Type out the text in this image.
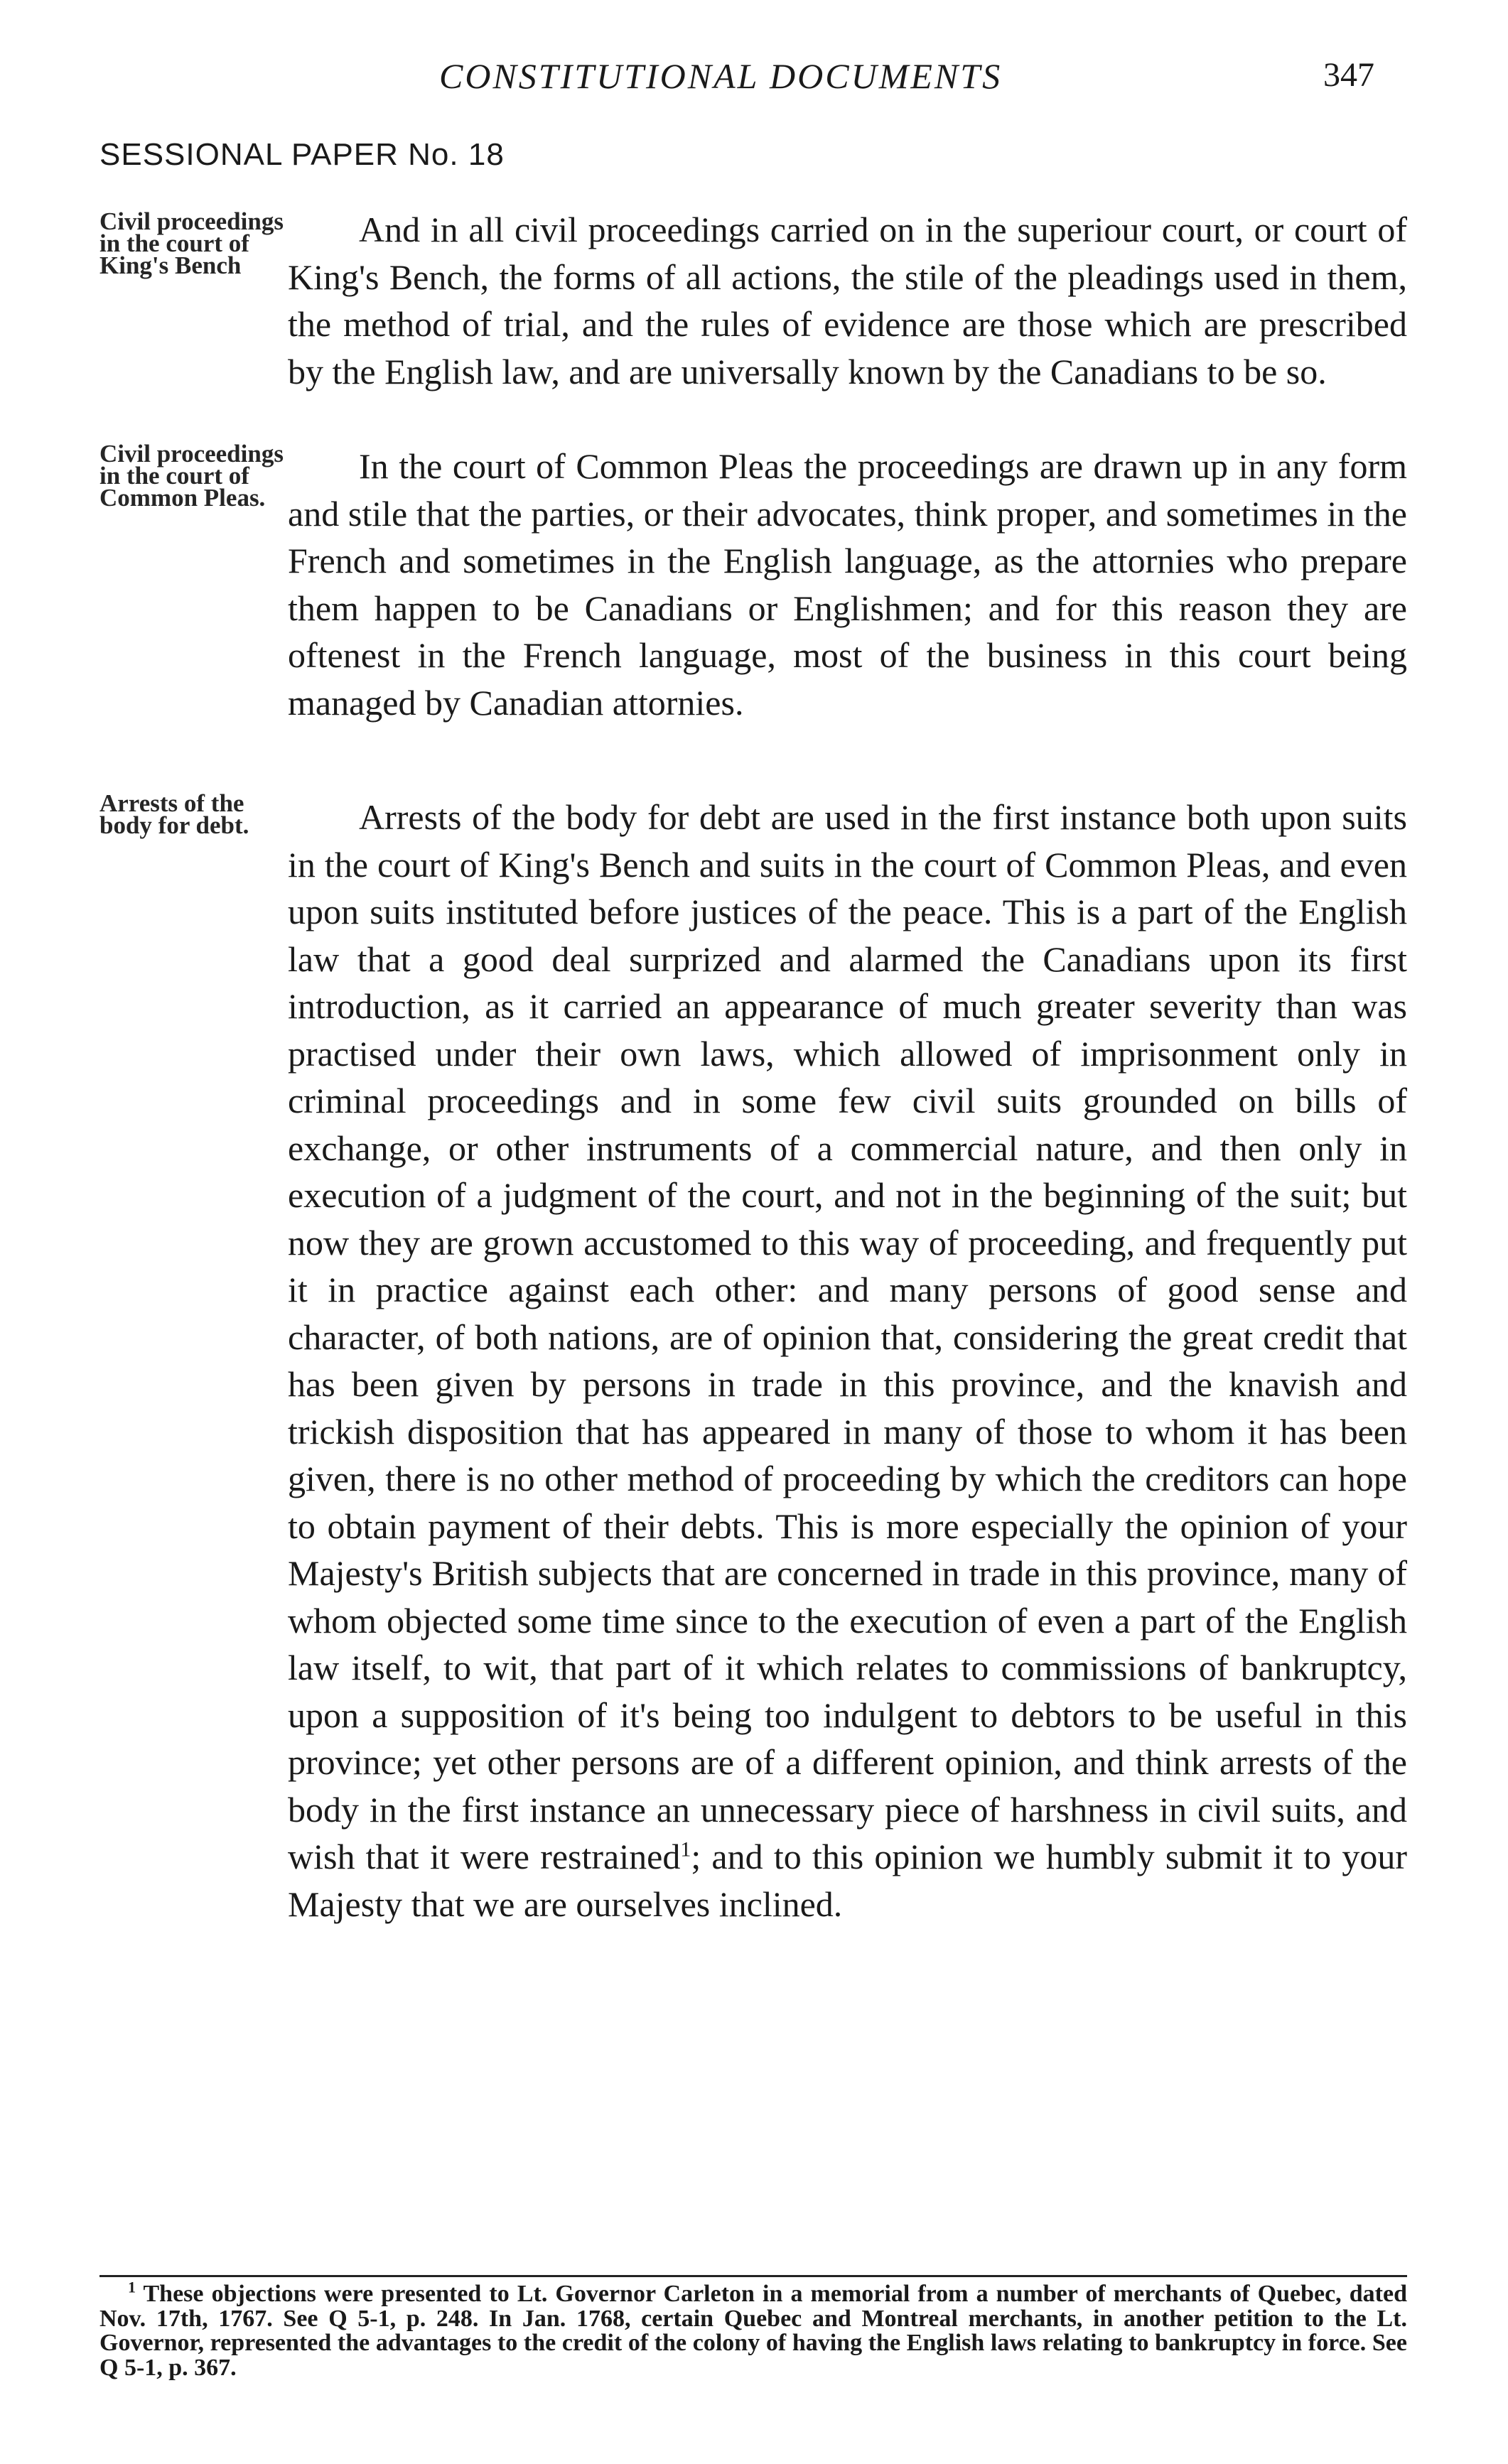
CONSTITUTIONAL DOCUMENTS	347
SESSIONAL PAPER No. 18
Civil proceedings in the court of King's Bench
Civil proceedings in the court of Common Pleas.
Arrests of the body for debt.

And in all civil proceedings carried on in the superiour court, or court of King's Bench, the forms of all actions, the stile of the pleadings used in them, the method of trial, and the rules of evidence are those which are prescribed by the English law, and are universally known by the Canadians to be so.

In the court of Common Pleas the proceedings are drawn up in any form and stile that the parties, or their advocates, think proper, and sometimes in the French and sometimes in the English language, as the attornies who prepare them happen to be Canadians or Englishmen; and for this reason they are oftenest in the French language, most of the business in this court being managed by Canadian attornies.

Arrests of the body for debt are used in the first instance both upon suits in the court of King's Bench and suits in the court of Common Pleas, and even upon suits instituted before justices of the peace. This is a part of the English law that a good deal surprized and alarmed the Canadians upon its first introduction, as it carried an appearance of much greater severity than was practised under their own laws, which allowed of imprisonment only in criminal proceedings and in some few civil suits grounded on bills of exchange, or other instruments of a commercial nature, and then only in execution of a judgment of the court, and not in the beginning of the suit; but now they are grown accustomed to this way of proceeding, and frequently put it in practice against each other: and many persons of good sense and character, of both nations, are of opinion that, considering the great credit that has been given by persons in trade in this province, and the knavish and trickish disposition that has appeared in many of those to whom it has been given, there is no other method of proceeding by which the creditors can hope to obtain payment of their debts. This is more especially the opinion of your Majesty's British subjects that are concerned in trade in this province, many of whom objected some time since to the execution of even a part of the English law itself, to wit, that part of it which relates to commissions of bankruptcy, upon a supposition of it's being too indulgent to debtors to be useful in this province; yet other persons are of a different opinion, and think arrests of the body in the first instance an unnecessary piece of harshness in civil suits, and wish that it were restrained$^1$; and to this opinion we humbly submit it to your Majesty that we are ourselves inclined.

$^1$ These objections were presented to Lt. Governor Carleton in a memorial from a number of merchants of Quebec, dated Nov. 17th, 1767. See Q 5-1, p. 248. In Jan. 1768, certain Quebec and Montreal merchants, in another petition to the Lt. Governor, represented the advantages to the credit of the colony of having the English laws relating to bankruptcy in force. See Q 5-1, p. 367.
